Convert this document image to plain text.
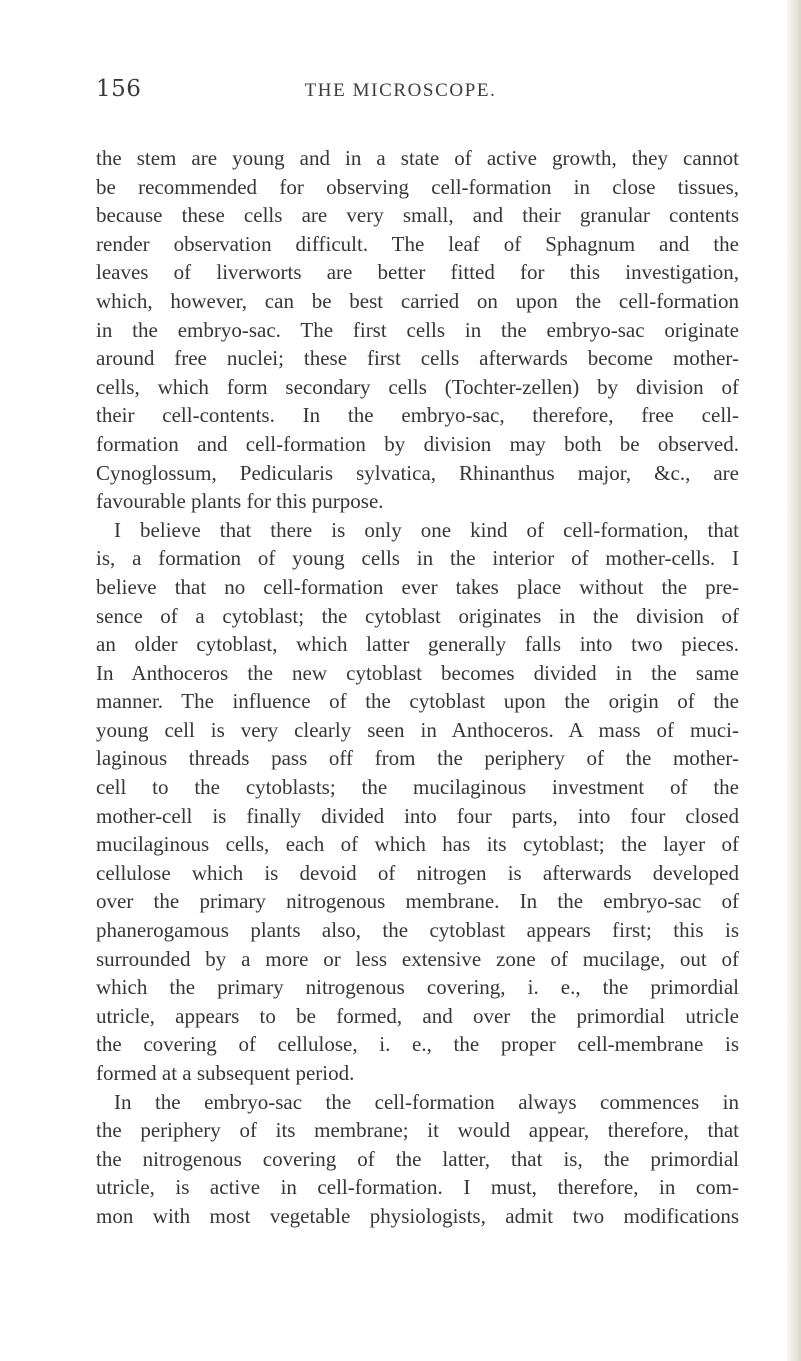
156	THE MICROSCOPE.
the stem are young and in a state of active growth, they cannot
be recommended for observing cell-formation in close tissues,
because these cells are very small, and their granular contents
render observation difficult. The leaf of Sphagnum and the
leaves of liverworts are better fitted for this investigation,
which, however, can be best carried on upon the cell-formation
in the embryo-sac. The first cells in the embryo-sac originate
around free nuclei; these first cells afterwards become mother-
cells, which form secondary cells (Tochter-zellen) by division of
their cell-contents. In the embryo-sac, therefore, free cell-
formation and cell-formation by division may both be observed.
Cynoglossum, Pedicularis sylvatica, Rhinanthus major, &c., are
favourable plants for this purpose.
I believe that there is only one kind of cell-formation, that
is, a formation of young cells in the interior of mother-cells. I
believe that no cell-formation ever takes place without the pre-
sence of a cytoblast; the cytoblast originates in the division of
an older cytoblast, which latter generally falls into two pieces.
In Anthoceros the new cytoblast becomes divided in the same
manner. The influence of the cytoblast upon the origin of the
young cell is very clearly seen in Anthoceros. A mass of muci-
laginous threads pass off from the periphery of the mother-
cell to the cytoblasts; the mucilaginous investment of the
mother-cell is finally divided into four parts, into four closed
mucilaginous cells, each of which has its cytoblast; the layer of
cellulose which is devoid of nitrogen is afterwards developed
over the primary nitrogenous membrane. In the embryo-sac of
phanerogamous plants also, the cytoblast appears first; this is
surrounded by a more or less extensive zone of mucilage, out of
which the primary nitrogenous covering, i. e., the primordial
utricle, appears to be formed, and over the primordial utricle
the covering of cellulose, i. e., the proper cell-membrane is
formed at a subsequent period.
In the embryo-sac the cell-formation always commences in
the periphery of its membrane; it would appear, therefore, that
the nitrogenous covering of the latter, that is, the primordial
utricle, is active in cell-formation. I must, therefore, in com-
mon with most vegetable physiologists, admit two modifications
